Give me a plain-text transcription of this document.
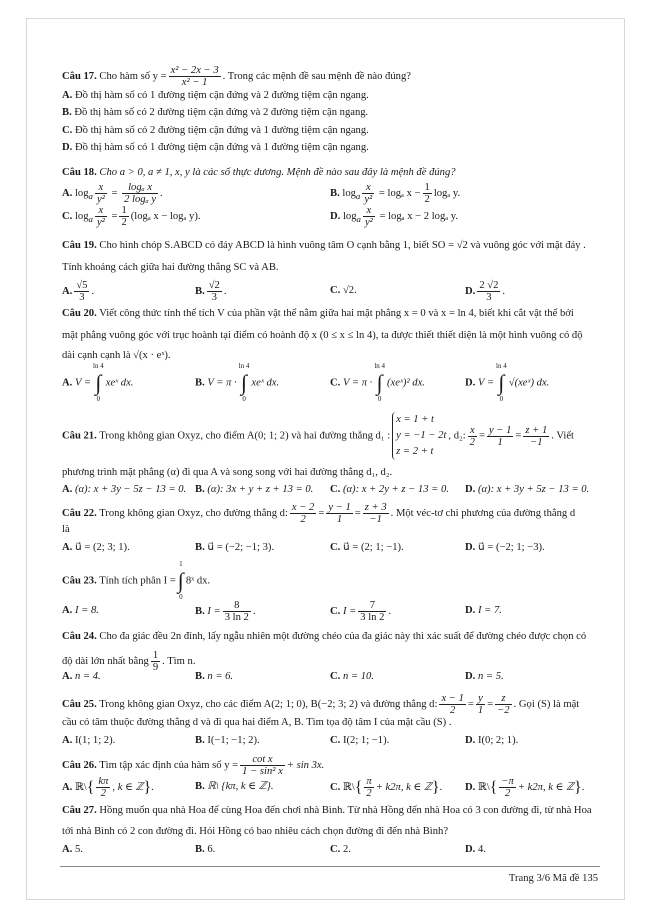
Câu 17. Cho hàm số $y = \frac{\text{x² − 2x − 3}}{\text{x² − 1}}$ . Trong các mệnh đề sau mệnh đề nào đúng?
A. Đồ thị hàm số có 1 đường tiệm cận đứng và 2 đường tiệm cận ngang.
B. Đồ thị hàm số có 2 đường tiệm cận đứng và 2 đường tiệm cận ngang.
C. Đồ thị hàm số có 2 đường tiệm cận đứng và 1 đường tiệm cận ngang.
D. Đồ thị hàm số có 1 đường tiệm cận đứng và 1 đường tiệm cận ngang.
Câu 18. Cho a > 0, a ≠ 1, x, y là các số thực dương. Mệnh đề nào sau đây là mệnh đề đúng?
A. $\log_a \frac{x}{\text{y²}} = \frac{\text{logₐ x}}{\text{2 logₐ y}}$ .	B. $\log_a \frac{x}{\text{y²}} = \log_a$ $x - \frac{1}{2}$ logₐ y.
C. $\log_a \frac{x}{\text{y²}} = \frac{1}{2} (\log_a$ x − logₐ y).	D. $\log_a \frac{x}{\text{y²}} = \log_a$ x − 2 logₐ y.
Câu 19. Cho hình chóp S.ABCD có đáy ABCD là hình vuông tâm O cạnh bằng 1, biết SO = √2 và vuông góc với mặt đáy .
Tính khoảng cách giữa hai đường thẳng SC và AB.
A. $\frac{√5}{3}$ .	B. $\frac{√2}{3}$ .	C. √2.	D. $\frac{2 √2}{3}$ .
Câu 20. Viết công thức tính thể tích V của phần vật thể nằm giữa hai mặt phẳng x = 0 và x = ln 4, biết khi cắt vật thể bởi
mặt phẳng vuông góc với trục hoành tại điểm có hoành độ x (0 ≤ x ≤ ln 4), ta được thiết thiết diện là một hình vuông có độ
dài cạnh cạnh là √(x · eˣ).
A. V =
ln 4
∫
0
xeˣ dx.	B. V = π ·
ln 4
∫
0
xeˣ dx.	C. V = π ·
ln 4
∫
0
(xeˣ)² dx.	D. V =
ln 4
∫
0
√(xeˣ) dx.
Câu 21. Trong không gian Oxyz, cho điểm A(0; 1; 2) và hai đường thẳng d₁ :
x = 1 + t
y = −1 − 2t
z = 2 + t
, d₂: $\frac{x}{2} = \frac{y - 1}{1} = \frac{z + 1}{-1}$ . Viết
phương trình mặt phẳng (α) đi qua A và song song với hai đường thẳng d₁, d₂.
A. (α): x + 3y − 5z − 13 = 0. B. (α): 3x + y + z + 13 = 0. C. (α): x + 2y + z − 13 = 0. D. (α): x + 3y + 5z − 13 = 0.
Câu 22. Trong không gian Oxyz, cho đường thẳng d: $\frac{x - 2}{2} = \frac{y - 1}{1} = \frac{z + 3}{-1}$ . Một véc-tơ chỉ phương của đường thẳng d
là
A. u⃗ = (2; 3; 1).	B. u⃗ = (−2; −1; 3).	C. u⃗ = (2; 1; −1).	D. u⃗ = (−2; 1; −3).
Câu 23. Tính tích phân I =
1
∫
0
8ˣ dx.
A. I = 8.	B. $I = \frac{8}{3 \ln 2}$ .	C. $I = \frac{7}{3 \ln 2}$ .	D. I = 7.
Câu 24. Cho đa giác đều 2n đỉnh, lấy ngẫu nhiên một đường chéo của đa giác này thì xác suất để đường chéo được chọn có
độ dài lớn nhất bằng $\frac{1}{9}$ . Tìm n.
A. n = 4.	B. n = 6.	C. n = 10.	D. n = 5.
Câu 25. Trong không gian Oxyz, cho các điểm A(2; 1; 0), B(−2; 3; 2) và đường thẳng d: $\frac{x - 1}{2} = \frac{y}{1} = \frac{z}{-2}$ . Gọi (S) là mặt
cầu có tâm thuộc đường thẳng d và đi qua hai điểm A, B. Tìm tọa độ tâm I của mặt cầu (S) .
A. I(1; 1; 2).	B. I(−1; −1; 2).	C. I(2; 1; −1).	D. I(0; 2; 1).
Câu 26. Tìm tập xác định của hàm số $y = \frac{\text{cot x}}{\text{1 − sin² x}} + \sin 3x$.
A. ℝ\{ $\frac{k\pi}{2}$ , k ∈ ℤ}.	B. ℝ\ {kπ, k ∈ ℤ}.	C. ℝ\{ $\frac{\pi}{2} + k2\pi$, k ∈ ℤ}. D. ℝ\{ $\frac{-\pi}{2} + k2\pi$, k ∈ ℤ}.
Câu 27. Hồng muốn qua nhà Hoa để cùng Hoa đến chơi nhà Bình. Từ nhà Hồng đến nhà Hoa có 3 con đường đi, từ nhà Hoa
tới nhà Bình có 2 con đường đi. Hỏi Hồng có bao nhiêu cách chọn đường đi đến nhà Bình?
A. 5.	B. 6.	C. 2.	D. 4.
Trang 3/6 Mã đề 135
